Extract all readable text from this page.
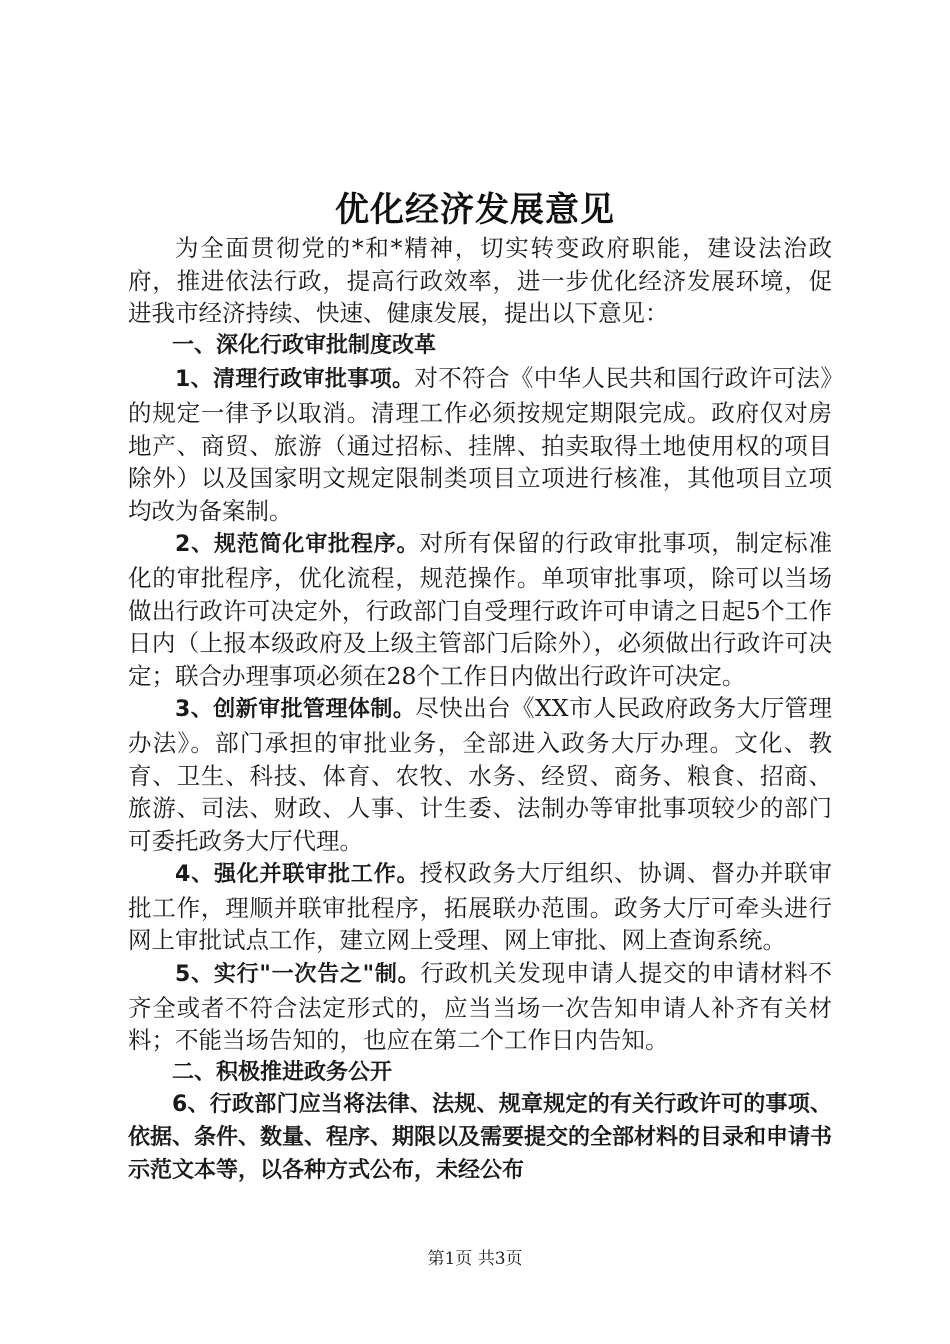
优化经济发展意见

为全面贯彻党的*和*精神，切实转变政府职能，建设法治政府，推进依法行政，提高行政效率，进一步优化经济发展环境，促进我市经济持续、快速、健康发展，提出以下意见：

一、深化行政审批制度改革

1、清理行政审批事项。对不符合《中华人民共和国行政许可法》的规定一律予以取消。清理工作必须按规定期限完成。政府仅对房地产、商贸、旅游（通过招标、挂牌、拍卖取得土地使用权的项目除外）以及国家明文规定限制类项目立项进行核准，其他项目立项均改为备案制。

2、规范简化审批程序。对所有保留的行政审批事项，制定标准化的审批程序，优化流程，规范操作。单项审批事项，除可以当场做出行政许可决定外，行政部门自受理行政许可申请之日起5个工作日内（上报本级政府及上级主管部门后除外），必须做出行政许可决定；联合办理事项必须在28个工作日内做出行政许可决定。

3、创新审批管理体制。尽快出台《XX市人民政府政务大厅管理办法》。部门承担的审批业务，全部进入政务大厅办理。文化、教育、卫生、科技、体育、农牧、水务、经贸、商务、粮食、招商、旅游、司法、财政、人事、计生委、法制办等审批事项较少的部门可委托政务大厅代理。

4、强化并联审批工作。授权政务大厅组织、协调、督办并联审批工作，理顺并联审批程序，拓展联办范围。政务大厅可牵头进行网上审批试点工作，建立网上受理、网上审批、网上查询系统。

5、实行"一次告之"制。行政机关发现申请人提交的申请材料不齐全或者不符合法定形式的，应当当场一次告知申请人补齐有关材料；不能当场告知的，也应在第二个工作日内告知。

二、积极推进政务公开

6、行政部门应当将法律、法规、规章规定的有关行政许可的事项、依据、条件、数量、程序、期限以及需要提交的全部材料的目录和申请书示范文本等，以各种方式公布，未经公布

第1页 共3页
